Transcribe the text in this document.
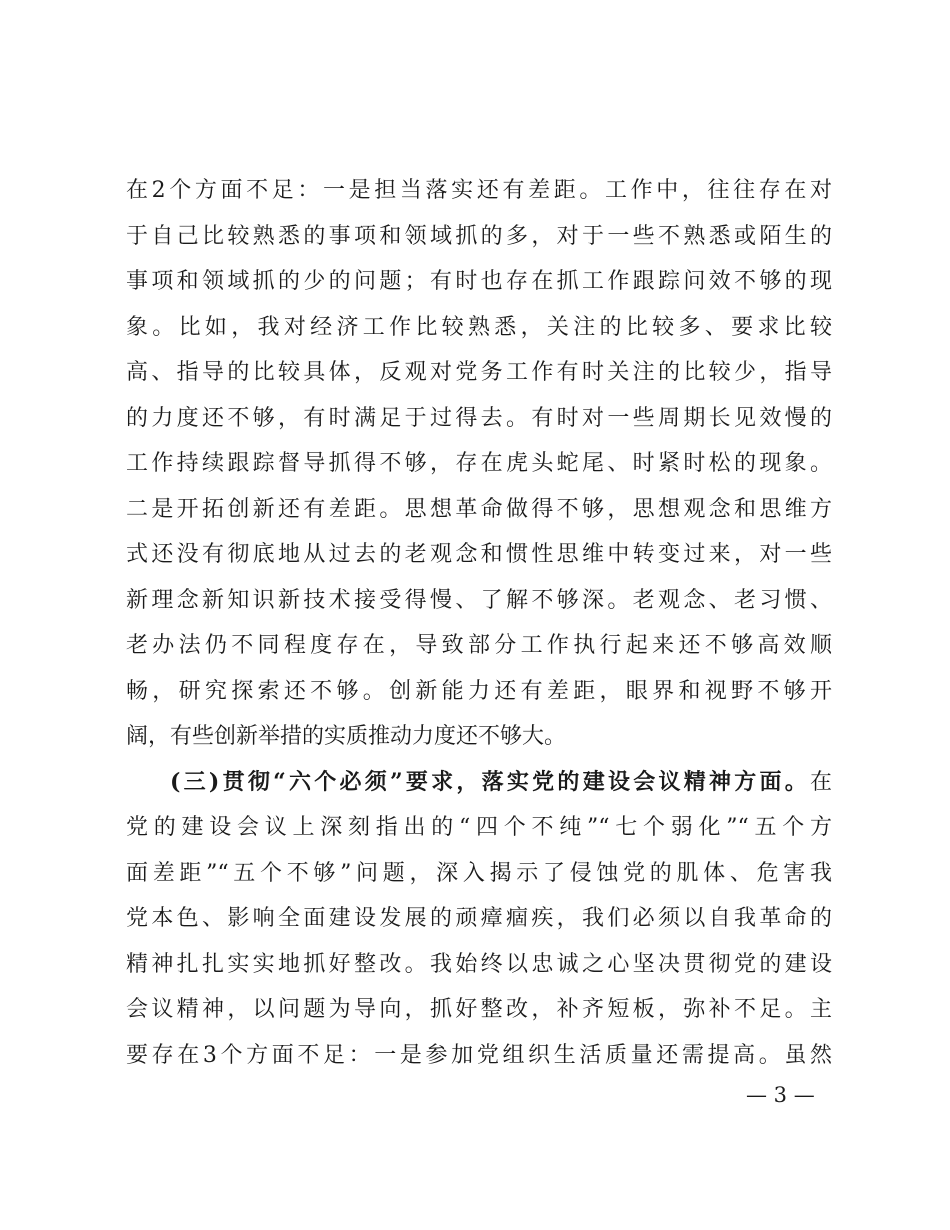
在2个方面不足：一是担当落实还有差距。工作中，往往存在对
于自己比较熟悉的事项和领域抓的多，对于一些不熟悉或陌生的
事项和领域抓的少的问题；有时也存在抓工作跟踪问效不够的现
象。比如，我对经济工作比较熟悉，关注的比较多、要求比较
高、指导的比较具体，反观对党务工作有时关注的比较少，指导
的力度还不够，有时满足于过得去。有时对一些周期长见效慢的
工作持续跟踪督导抓得不够，存在虎头蛇尾、时紧时松的现象。
二是开拓创新还有差距。思想革命做得不够，思想观念和思维方
式还没有彻底地从过去的老观念和惯性思维中转变过来，对一些
新理念新知识新技术接受得慢、了解不够深。老观念、老习惯、
老办法仍不同程度存在，导致部分工作执行起来还不够高效顺
畅，研究探索还不够。创新能力还有差距，眼界和视野不够开
阔，有些创新举措的实质推动力度还不够大。
(三)贯彻“六个必须”要求，落实党的建设会议精神方面。在
党的建设会议上深刻指出的“四个不纯”“七个弱化”“五个方
面差距”“五个不够”问题，深入揭示了侵蚀党的肌体、危害我
党本色、影响全面建设发展的顽瘴痼疾，我们必须以自我革命的
精神扎扎实实地抓好整改。我始终以忠诚之心坚决贯彻党的建设
会议精神，以问题为导向，抓好整改，补齐短板，弥补不足。主
要存在3个方面不足：一是参加党组织生活质量还需提高。虽然
— 3 —
